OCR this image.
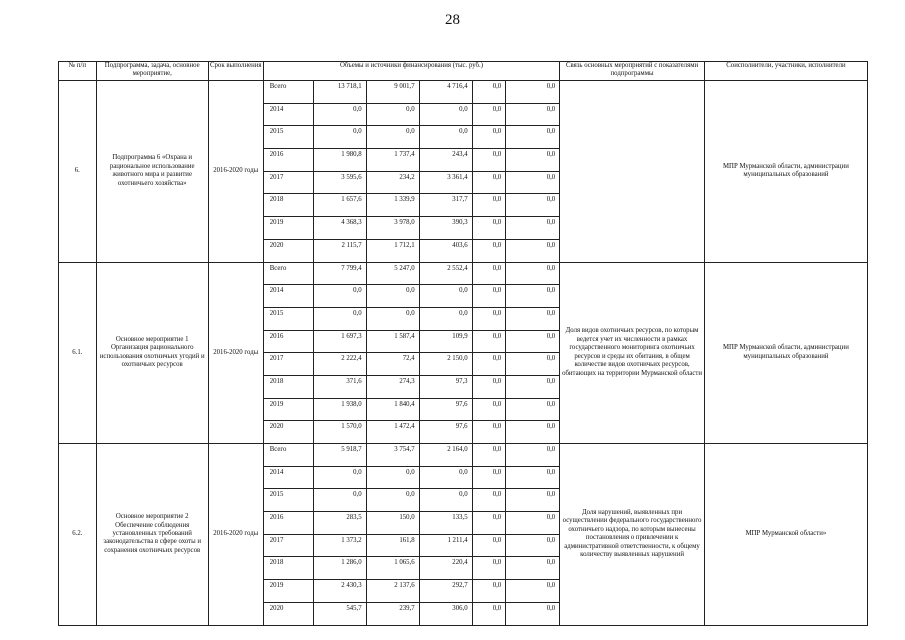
28
№ п/п	Подпрограмма, задача, основное мероприятие,	Срок выполнения	Объемы и источники финансирования (тыс. руб.)						Связь основных мероприятий с показателями подпрограммы	Соисполнители, участники, исполнители
6.	Подпрограмма 6 «Охрана и рациональное использование животного мира и развитие охотничьего хозяйства»	2016-2020 годы	Всего	13 718,1	9 001,7	4 716,4	0,0	0,0		МПР Мурманской области, администрации муниципальных образований
			2014	0,0	0,0	0,0	0,0	0,0		
			2015	0,0	0,0	0,0	0,0	0,0		
			2016	1 980,8	1 737,4	243,4	0,0	0,0		
			2017	3 595,6	234,2	3 361,4	0,0	0,0		
			2018	1 657,6	1 339,9	317,7	0,0	0,0		
			2019	4 368,3	3 978,0	390,3	0,0	0,0		
			2020	2 115,7	1 712,1	403,6	0,0	0,0		
6.1.	Основное мероприятие 1 Организация рационального использования охотничьих угодий и охотничьих ресурсов	2016-2020 годы	Всего	7 799,4	5 247,0	2 552,4	0,0	0,0	Доля видов охотничьих ресурсов, по которым ведется учет их численности в рамках государственного мониторинга охотничьих ресурсов и среды их обитания, в общем количестве видов охотничьих ресурсов, обитающих на территории Мурманской области	МПР Мурманской области, администрации муниципальных образований
			2014	0,0	0,0	0,0	0,0	0,0		
			2015	0,0	0,0	0,0	0,0	0,0		
			2016	1 697,3	1 587,4	109,9	0,0	0,0		
			2017	2 222,4	72,4	2 150,0	0,0	0,0		
			2018	371,6	274,3	97,3	0,0	0,0		
			2019	1 938,0	1 840,4	97,6	0,0	0,0		
			2020	1 570,0	1 472,4	97,6	0,0	0,0		
6.2.	Основное мероприятие 2 Обеспечение соблюдения установленных требований законодательства в сфере охоты и сохранения охотничьих ресурсов	2016-2020 годы	Всего	5 918,7	3 754,7	2 164,0	0,0	0,0	Доля нарушений, выявленных при осуществлении федерального государственного охотничьего надзора, по которым вынесены постановления о привлечении к административной ответственности, к общему количеству выявленных нарушений	МПР Мурманской области»
			2014	0,0	0,0	0,0	0,0	0,0		
			2015	0,0	0,0	0,0	0,0	0,0		
			2016	283,5	150,0	133,5	0,0	0,0		
			2017	1 373,2	161,8	1 211,4	0,0	0,0		
			2018	1 286,0	1 065,6	220,4	0,0	0,0		
			2019	2 430,3	2 137,6	292,7	0,0	0,0		
			2020	545,7	239,7	306,0	0,0	0,0		
